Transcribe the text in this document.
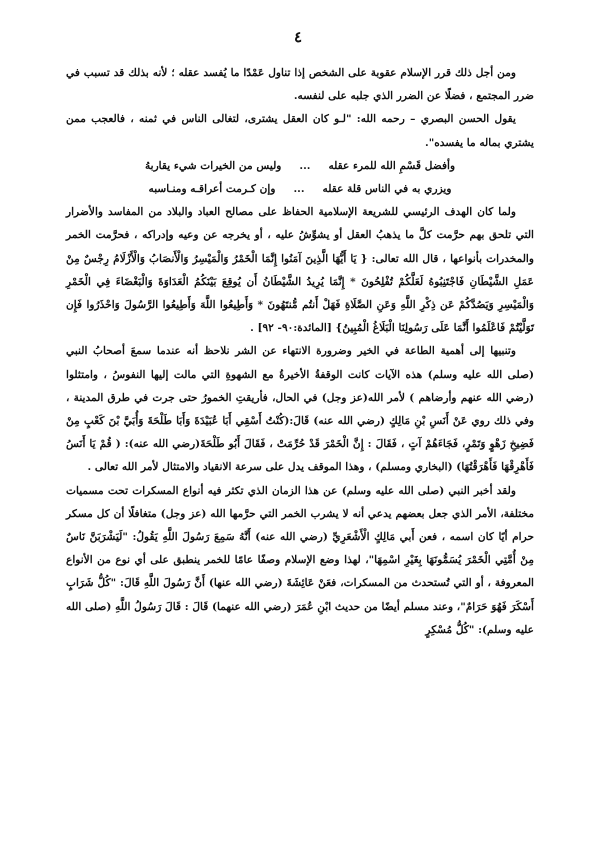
٤

ومن أجل ذلك قرر الإسلام عقوبة على الشخص إذا تناول عَمْدًا ما يُفسد عقله ؛ لأنه بذلك قد تسبب في ضرر المجتمع ، فضلًا عن الضرر الذي جلبه على لنفسه.

يقول الحسن البصري – رحمه الله: "لـو كان العقل يشترى، لتغالى الناس في ثمنه ، فالعجب ممن يشتري بماله ما يفسده".

وأفضل قَسْمِ الله للمرء عقله
...
وليس من الخيرات شيء يقاربهُ
ويزري به في الناس قلة عقله
...
وإن كـرمت أعراقـه ومنـاسبه

ولما كان الهدف الرئيسي للشريعة الإسلامية الحفاظ على مصالح العباد والبلاد من المفاسد والأضرار التي تلحق بهم حرَّمت كلَّ ما يذهبُ العقل أو يشوِّشُ عليه ، أو يخرجه عن وعيه وإدراكه ، فحرَّمت الخمر والمخدرات بأنواعها ، قال الله تعالى: { يَا أَيُّهَا الَّذِينَ آمَنُوا إِنَّمَا الْخَمْرُ وَالْمَيْسِرُ وَالْأَنصَابُ وَالْأَزْلَامُ رِجْسٌ مِنْ عَمَلِ الشَّيْطَانِ فَاجْتَنِبُوهُ لَعَلَّكُمْ تُفْلِحُونَ * إِنَّمَا يُرِيدُ الشَّيْطَانُ أَن يُوقِعَ بَيْنَكُمُ الْعَدَاوَةَ وَالْبَغْضَاءَ فِي الْخَمْرِ وَالْمَيْسِرِ وَيَصُدَّكُمْ عَن ذِكْرِ اللَّهِ وَعَنِ الصَّلَاةِ فَهَلْ أَنتُم مُّنتَهُونَ * وَأَطِيعُوا اللَّهَ وَأَطِيعُوا الرَّسُولَ وَاحْذَرُوا فَإِن تَوَلَّيْتُمْ فَاعْلَمُوا أَنَّمَا عَلَى رَسُولِنَا الْبَلَاغُ الْمُبِينُ} [المائدة:٩٠- ٩٢] .

وتنبيها إلى أهمية الطاعة في الخير وضرورة الانتهاء عن الشر نلاحظ أنه عندما سمعَ أصحابُ النبي (صلى الله عليه وسلم) هذه الآيات كانت الوقفةُ الأخيرةُ مع الشهوةِ التي مالت إليها النفوسُ ، وامتثلوا (رضي الله عنهم وأرضاهم ) لأمر الله(عز وجل) في الحال، فأريقتِ الخمورُ حتى جرت في طرق المدينة ، وفي ذلك روي عَنْ أَنَسِ بْنِ مَالِكٍ (رضي الله عنه) قَالَ:(كُنْتُ أَسْقِي أَبَا عُبَيْدَةَ وَأَبَا طَلْحَةَ وَأُبَيَّ بْنَ كَعْبٍ مِنْ فَضِيخِ زَهْوٍ وَتَمْرٍ، فَجَاءَهُمْ آتٍ ، فَقَالَ : إِنَّ الْخَمْرَ قَدْ حُرِّمَتْ ، فَقَالَ أَبُو طَلْحَةَ(رضي الله عنه): ( قُمْ يَا أَنَسُ فَأَهْرِقْهَا فَأَهْرَقْتُهَا) (البخاري ومسلم) ، وهذا الموقف يدل على سرعة الانقياد والامتثال لأمر الله تعالى .

ولقد أخبر النبي (صلى الله عليه وسلم) عن هذا الزمان الذي تكثر فيه أنواع المسكرات تحت مسميات مختلفة، الأمر الذي جعل بعضهم يدعي أنه لا يشرب الخمر التي حرَّمها الله (عز وجل) متغافلًا أن كل مسكر حرام أيًا كان اسمه ، فعن أَبي مَالِكٍ الْأَشْعَرِيِّ (رضي الله عنه) أَنَّهُ سَمِعَ رَسُولَ اللَّهِ يَقُولُ: "لَيَشْرَبَنَّ نَاسٌ مِنْ أُمَّتِي الْخَمْرَ يُسَمُّونَهَا بِغَيْرِ اسْمِهَا"، لهذا وضع الإسلام وصفًا عامًا للخمر ينطبق على أي نوع من الأنواع المعروفة ، أو التي تُستحدث من المسكرات، فعَنْ عَائِشَةَ (رضي الله عنها) أَنَّ رَسُولَ اللَّهِ قَالَ: "كُلُّ شَرَابٍ أَسْكَرَ فَهُوَ حَرَامٌ"، وعند مسلم أيضًا من حديث ابْنِ عُمَرَ (رضي الله عنهما) قَالَ : قَالَ رَسُولُ اللَّهِ (صلى الله عليه وسلم): "كُلُّ مُسْكِرٍ
